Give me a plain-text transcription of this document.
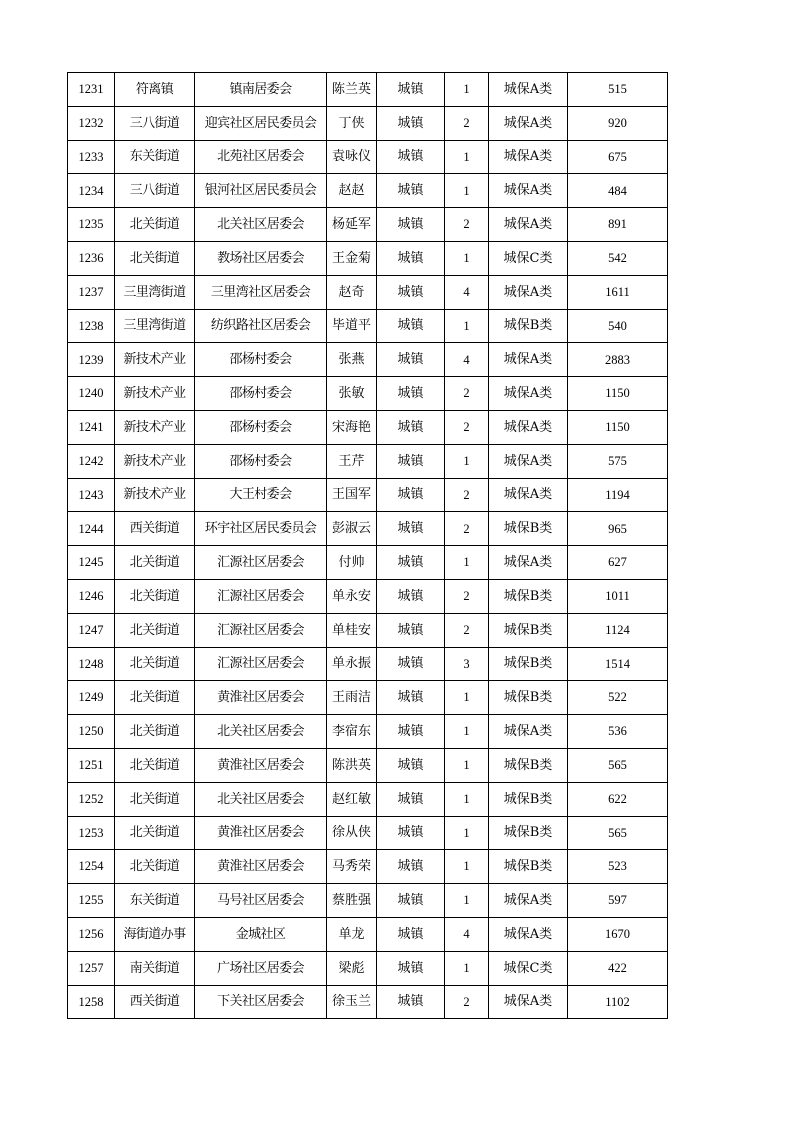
1231	符离镇	镇南居委会	陈兰英	城镇	1	城保A类	515
1232	三八街道	迎宾社区居民委员会	丁侠	城镇	2	城保A类	920
1233	东关街道	北苑社区居委会	袁咏仪	城镇	1	城保A类	675
1234	三八街道	银河社区居民委员会	赵赵	城镇	1	城保A类	484
1235	北关街道	北关社区居委会	杨延军	城镇	2	城保A类	891
1236	北关街道	教场社区居委会	王金菊	城镇	1	城保C类	542
1237	三里湾街道	三里湾社区居委会	赵奇	城镇	4	城保A类	1611
1238	三里湾街道	纺织路社区居委会	毕道平	城镇	1	城保B类	540
1239	新技术产业	邵杨村委会	张燕	城镇	4	城保A类	2883
1240	新技术产业	邵杨村委会	张敏	城镇	2	城保A类	1150
1241	新技术产业	邵杨村委会	宋海艳	城镇	2	城保A类	1150
1242	新技术产业	邵杨村委会	王芹	城镇	1	城保A类	575
1243	新技术产业	大王村委会	王国军	城镇	2	城保A类	1194
1244	西关街道	环宇社区居民委员会	彭淑云	城镇	2	城保B类	965
1245	北关街道	汇源社区居委会	付帅	城镇	1	城保A类	627
1246	北关街道	汇源社区居委会	单永安	城镇	2	城保B类	1011
1247	北关街道	汇源社区居委会	单桂安	城镇	2	城保B类	1124
1248	北关街道	汇源社区居委会	单永振	城镇	3	城保B类	1514
1249	北关街道	黄淮社区居委会	王雨洁	城镇	1	城保B类	522
1250	北关街道	北关社区居委会	李宿东	城镇	1	城保A类	536
1251	北关街道	黄淮社区居委会	陈洪英	城镇	1	城保B类	565
1252	北关街道	北关社区居委会	赵红敏	城镇	1	城保B类	622
1253	北关街道	黄淮社区居委会	徐从侠	城镇	1	城保B类	565
1254	北关街道	黄淮社区居委会	马秀荣	城镇	1	城保B类	523
1255	东关街道	马号社区居委会	蔡胜强	城镇	1	城保A类	597
1256	海街道办事	金城社区	单龙	城镇	4	城保A类	1670
1257	南关街道	广场社区居委会	梁彪	城镇	1	城保C类	422
1258	西关街道	下关社区居委会	徐玉兰	城镇	2	城保A类	1102
